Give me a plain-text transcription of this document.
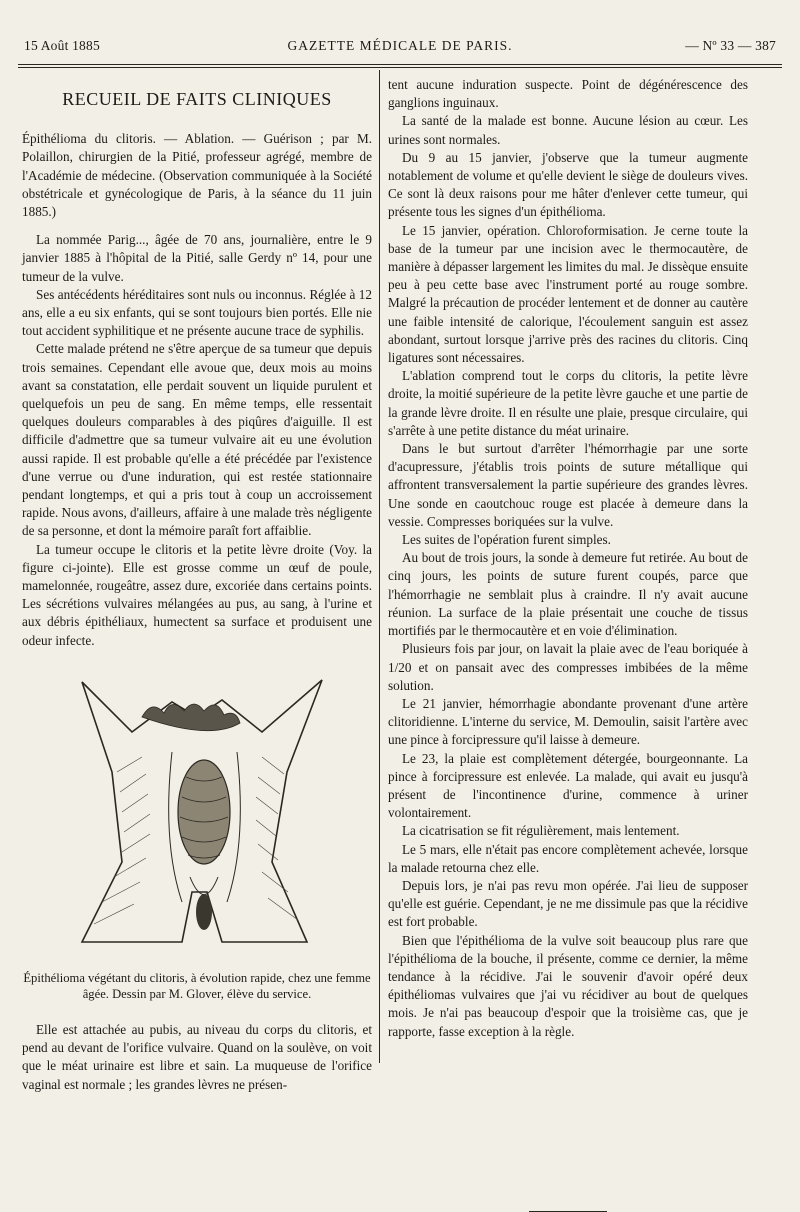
15 Août 1885	GAZETTE MÉDICALE DE PARIS.	— Nº 33 — 387
RECUEIL DE FAITS CLINIQUES

Épithélioma du clitoris. — Ablation. — Guérison ; par M. Polaillon, chirurgien de la Pitié, professeur agrégé, membre de l'Académie de médecine. (Observation communiquée à la Société obstétricale et gynécologique de Paris, à la séance du 11 juin 1885.)

La nommée Parig..., âgée de 70 ans, journalière, entre le 9 janvier 1885 à l'hôpital de la Pitié, salle Gerdy nº 14, pour une tumeur de la vulve.

Ses antécédents héréditaires sont nuls ou inconnus. Réglée à 12 ans, elle a eu six enfants, qui se sont toujours bien portés. Elle nie tout accident syphilitique et ne présente aucune trace de syphilis.

Cette malade prétend ne s'être aperçue de sa tumeur que depuis trois semaines. Cependant elle avoue que, deux mois au moins avant sa constatation, elle perdait souvent un liquide purulent et quelquefois un peu de sang. En même temps, elle ressentait quelques douleurs comparables à des piqûres d'aiguille. Il est difficile d'admettre que sa tumeur vulvaire ait eu une évolution aussi rapide. Il est probable qu'elle a été précédée par l'existence d'une verrue ou d'une induration, qui est restée stationnaire pendant longtemps, et qui a pris tout à coup un accroissement rapide. Nous avons, d'ailleurs, affaire à une malade très négligente de sa personne, et dont la mémoire paraît fort affaiblie.

La tumeur occupe le clitoris et la petite lèvre droite (Voy. la figure ci-jointe). Elle est grosse comme un œuf de poule, mamelonnée, rougeâtre, assez dure, excoriée dans certains points. Les sécrétions vulvaires mélangées au pus, au sang, à l'urine et aux débris épithéliaux, humectent sa surface et produisent une odeur infecte.

Épithélioma végétant du clitoris, à évolution rapide, chez une femme âgée. Dessin par M. Glover, élève du service.

Elle est attachée au pubis, au niveau du corps du clitoris, et pend au devant de l'orifice vulvaire. Quand on la soulève, on voit que le méat urinaire est libre et sain. La muqueuse de l'orifice vaginal est normale ; les grandes lèvres ne présen-

tent aucune induration suspecte. Point de dégénérescence des ganglions inguinaux.

La santé de la malade est bonne. Aucune lésion au cœur. Les urines sont normales.

Du 9 au 15 janvier, j'observe que la tumeur augmente notablement de volume et qu'elle devient le siège de douleurs vives. Ce sont là deux raisons pour me hâter d'enlever cette tumeur, qui présente tous les signes d'un épithélioma.

Le 15 janvier, opération. Chloroformisation. Je cerne toute la base de la tumeur par une incision avec le thermocautère, de manière à dépasser largement les limites du mal. Je dissèque ensuite peu à peu cette base avec l'instrument porté au rouge sombre. Malgré la précaution de procéder lentement et de donner au cautère une faible intensité de calorique, l'écoulement sanguin est assez abondant, surtout lorsque j'arrive près des racines du clitoris. Cinq ligatures sont nécessaires.

L'ablation comprend tout le corps du clitoris, la petite lèvre droite, la moitié supérieure de la petite lèvre gauche et une partie de la grande lèvre droite. Il en résulte une plaie, presque circulaire, qui s'arrête à une petite distance du méat urinaire.

Dans le but surtout d'arrêter l'hémorrhagie par une sorte d'acupressure, j'établis trois points de suture métallique qui affrontent transversalement la partie supérieure des grandes lèvres. Une sonde en caoutchouc rouge est placée à demeure dans la vessie. Compresses boriquées sur la vulve.

Les suites de l'opération furent simples.

Au bout de trois jours, la sonde à demeure fut retirée. Au bout de cinq jours, les points de suture furent coupés, parce que l'hémorrhagie ne semblait plus à craindre. Il n'y avait aucune réunion. La surface de la plaie présentait une couche de tissus mortifiés par le thermocautère et en voie d'élimination.

Plusieurs fois par jour, on lavait la plaie avec de l'eau boriquée à 1/20 et on pansait avec des compresses imbibées de la même solution.

Le 21 janvier, hémorrhagie abondante provenant d'une artère clitoridienne. L'interne du service, M. Demoulin, saisit l'artère avec une pince à forcipressure qu'il laisse à demeure.

Le 23, la plaie est complètement détergée, bourgeonnante. La pince à forcipressure est enlevée. La malade, qui avait eu jusqu'à présent de l'incontinence d'urine, commence à uriner volontairement.

La cicatrisation se fit régulièrement, mais lentement.

Le 5 mars, elle n'était pas encore complètement achevée, lorsque la malade retourna chez elle.

Depuis lors, je n'ai pas revu mon opérée. J'ai lieu de supposer qu'elle est guérie. Cependant, je ne me dissimule pas que la récidive est fort probable.

Bien que l'épithélioma de la vulve soit beaucoup plus rare que l'épithélioma de la bouche, il présente, comme ce dernier, la même tendance à la récidive. J'ai le souvenir d'avoir opéré deux épithéliomas vulvaires que j'ai vu récidiver au bout de quelques mois. Je n'ai pas beaucoup d'espoir que la troisième cas, que je rapporte, fasse exception à la règle.
